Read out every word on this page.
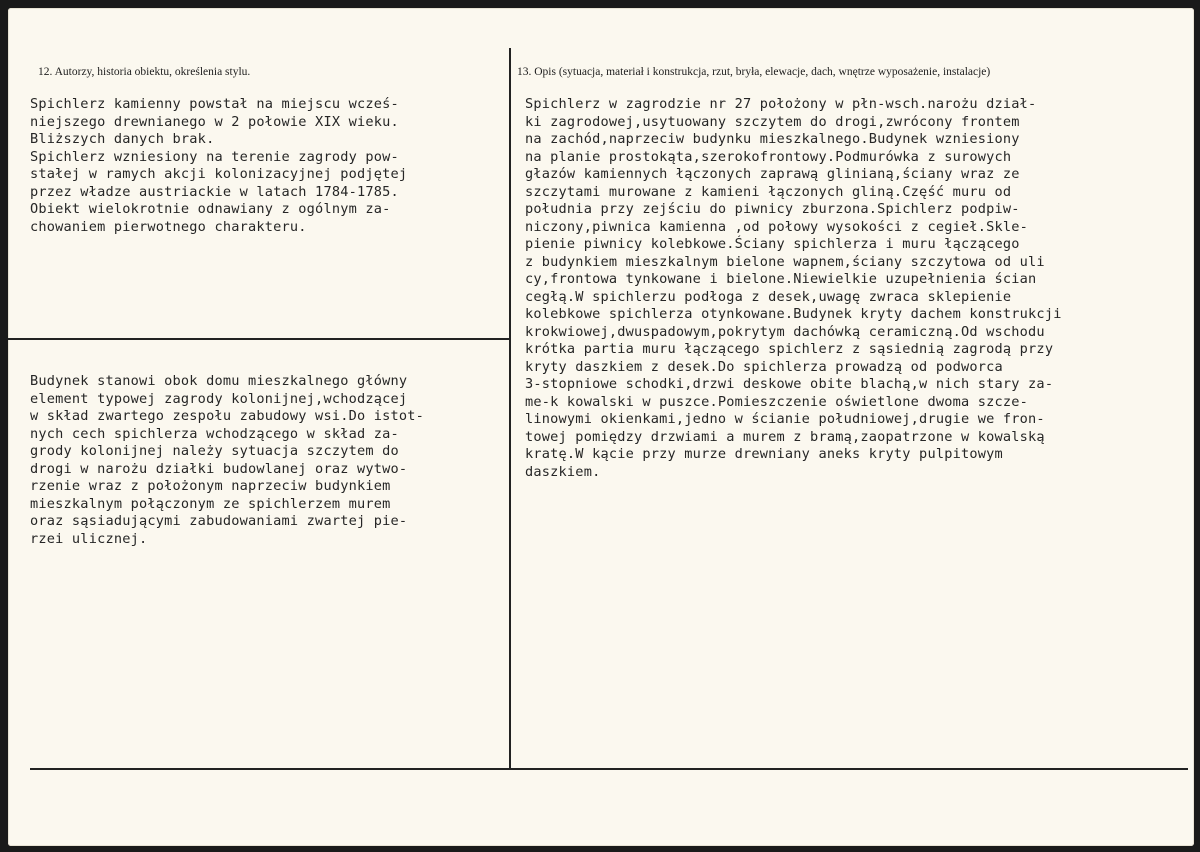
12. Autorzy, historia obiektu, określenia stylu.	13. Opis (sytuacja, materiał i konstrukcja, rzut, bryła, elewacje, dach, wnętrze wyposażenie, instalacje)
Spichlerz kamienny powstał na miejscu wcześ-
niejszego drewnianego w 2 połowie XIX wieku.
Bliższych danych brak.
Spichlerz wzniesiony na terenie zagrody pow-
stałej w ramych akcji kolonizacyjnej podjętej
przez władze austriackie w latach 1784-1785.
Obiekt wielokrotnie odnawiany z ogólnym za-
chowaniem pierwotnego charakteru.
Budynek stanowi obok domu mieszkalnego główny
element typowej zagrody kolonijnej,wchodzącej
w skład zwartego zespołu zabudowy wsi.Do istot-
nych cech spichlerza wchodzącego w skład za-
grody kolonijnej należy sytuacja szczytem do
drogi w narożu działki budowlanej oraz wytwo-
rzenie wraz z położonym naprzeciw budynkiem
mieszkalnym połączonym ze spichlerzem murem
oraz sąsiadującymi zabudowaniami zwartej pie-
rzei ulicznej.
Spichlerz w zagrodzie nr 27 położony w płn-wsch.narożu dział-
ki zagrodowej,usytuowany szczytem do drogi,zwrócony frontem
na zachód,naprzeciw budynku mieszkalnego.Budynek wzniesiony
na planie prostokąta,szerokofrontowy.Podmurówka z surowych
głazów kamiennych łączonych zaprawą glinianą,ściany wraz ze
szczytami murowane z kamieni łączonych gliną.Część muru od
południa przy zejściu do piwnicy zburzona.Spichlerz podpiw-
niczony,piwnica kamienna ,od połowy wysokości z cegieł.Skle-
pienie piwnicy kolebkowe.Ściany spichlerza i muru łączącego
z budynkiem mieszkalnym bielone wapnem,ściany szczytowa od uli
cy,frontowa tynkowane i bielone.Niewielkie uzupełnienia ścian
cegłą.W spichlerzu podłoga z desek,uwagę zwraca sklepienie
kolebkowe spichlerza otynkowane.Budynek kryty dachem konstrukcji
krokwiowej,dwuspadowym,pokrytym dachówką ceramiczną.Od wschodu
krótka partia muru łączącego spichlerz z sąsiednią zagrodą przy
kryty daszkiem z desek.Do spichlerza prowadzą od podworca
3-stopniowe schodki,drzwi deskowe obite blachą,w nich stary za-
me-k kowalski w puszce.Pomieszczenie oświetlone dwoma szcze-
linowymi okienkami,jedno w ścianie południowej,drugie we fron-
towej pomiędzy drzwiami a murem z bramą,zaopatrzone w kowalską
kratę.W kącie przy murze drewniany aneks kryty pulpitowym
daszkiem.
